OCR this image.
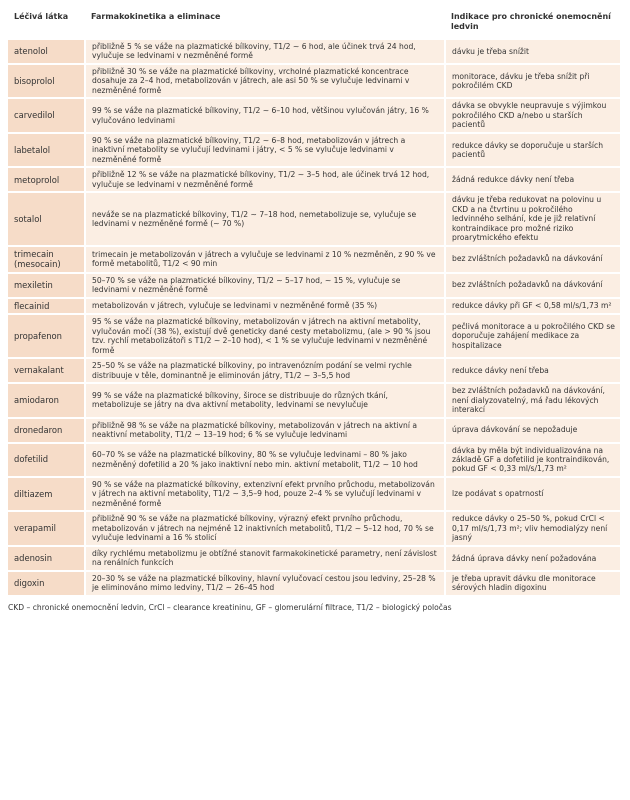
Léčivá látka	Farmakokinetika a eliminace	Indikace pro chronické onemocnění ledvin
atenolol	přibližně 5 % se váže na plazmatické bílkoviny, T1/2 ~ 6 hod, ale účinek trvá 24 hod, vylučuje se ledvinami v nezměněné formě	dávku je třeba snížit
bisoprolol	přibližně 30 % se váže na plazmatické bílkoviny, vrcholné plazmatické koncentrace dosahuje za 2–4 hod, metabolizován v játrech, ale asi 50 % se vylučuje ledvinami v nezměněné formě	monitorace, dávku je třeba snížit při pokročilém CKD
carvedilol	99 % se váže na plazmatické bílkoviny, T1/2 ~ 6–10 hod, většinou vylučován játry, 16 % vylučováno ledvinami	dávka se obvykle neupravuje s výjimkou pokročilého CKD a/nebo u starších pacientů
labetalol	90 % se váže na plazmatické bílkoviny, T1/2 ~ 6–8 hod, metabolizován v játrech a inaktivní metabolity se vylučují ledvinami i játry, < 5 % se vylučuje ledvinami v nezměněné formě	redukce dávky se doporučuje u starších pacientů
metoprolol	přibližně 12 % se váže na plazmatické bílkoviny, T1/2 ~ 3–5 hod, ale účinek trvá 12 hod, vylučuje se ledvinami v nezměněné formě	žádná redukce dávky není třeba
sotalol	neváže se na plazmatické bílkoviny, T1/2 ~ 7–18 hod, nemetabolizuje se, vylučuje se ledvinami v nezměněné formě (~ 70 %)	dávku je třeba redukovat na polovinu u CKD a na čtvrtinu u pokročilého ledvinného selhání, kde je již relativní kontraindikace pro možné riziko proarytmického efektu
trimecain (mesocain)	trimecain je metabolizován v játrech a vylučuje se ledvinami z 10 % nezměněn, z 90 % ve formě metabolitů, T1/2 < 90 min	bez zvláštních požadavků na dávkování
mexiletin	50–70 % se váže na plazmatické bílkoviny, T1/2 ~ 5–17 hod, ~ 15 %, vylučuje se ledvinami v nezměněné formě	bez zvláštních požadavků na dávkování
flecainid	metabolizován v játrech, vylučuje se ledvinami v nezměněné formě (35 %)	redukce dávky při GF < 0,58 ml/s/1,73 m²
propafenon	95 % se váže na plazmatické bílkoviny, metabolizován v játrech na aktivní metabolity, vylučován močí (38 %), existují dvě geneticky dané cesty metabolizmu, (ale > 90 % jsou tzv. rychlí metabolizátoři s T1/2 ~ 2–10 hod), < 1 % se vylučuje ledvinami v nezměněné formě	pečlivá monitorace a u pokročilého CKD se doporučuje zahájení medikace za hospitalizace
vernakalant	25–50 % se váže na plazmatické bílkoviny, po intravenózním podání se velmi rychle distribuuje v těle, dominantně je eliminován játry, T1/2 ~ 3–5,5 hod	redukce dávky není třeba
amiodaron	99 % se váže na plazmatické bílkoviny, široce se distribuuje do různých tkání, metabolizuje se játry na dva aktivní metabolity, ledvinami se nevylučuje	bez zvláštních požadavků na dávkování, není dialyzovatelný, má řadu lékových interakcí
dronedaron	přibližně 98 % se váže na plazmatické bílkoviny, metabolizován v játrech na aktivní a neaktivní metabolity, T1/2 ~ 13–19 hod; 6 % se vylučuje ledvinami	úprava dávkování se nepožaduje
dofetilid	60–70 % se váže na plazmatické bílkoviny, 80 % se vylučuje ledvinami – 80 % jako nezměněný dofetilid a 20 % jako inaktivní nebo min. aktivní metabolit, T1/2 ~ 10 hod	dávka by měla být individualizována na základě GF a dofetilid je kontraindikován, pokud GF < 0,33 ml/s/1,73 m²
diltiazem	90 % se váže na plazmatické bílkoviny, extenzivní efekt prvního průchodu, metabolizován v játrech na aktivní metabolity, T1/2 ~ 3,5–9 hod, pouze 2–4 % se vylučují ledvinami v nezměněné formě	lze podávat s opatrností
verapamil	přibližně 90 % se váže na plazmatické bílkoviny, výrazný efekt prvního průchodu, metabolizován v játrech na nejméně 12 inaktivních metabolitů, T1/2 ~ 5–12 hod, 70 % se vylučuje ledvinami a 16 % stolicí	redukce dávky o 25–50 %, pokud CrCl < 0,17 ml/s/1,73 m²; vliv hemodialýzy není jasný
adenosin	díky rychlému metabolizmu je obtížné stanovit farmakokinetické parametry, není závislost na renálních funkcích	žádná úprava dávky není požadována
digoxin	20–30 % se váže na plazmatické bílkoviny, hlavní vylučovací cestou jsou ledviny, 25–28 % je eliminováno mimo ledviny, T1/2 ~ 26–45 hod	je třeba upravit dávku dle monitorace sérových hladin digoxinu
CKD – chronické onemocnění ledvin, CrCl – clearance kreatininu, GF – glomerulární filtrace, T1/2 – biologický poločas
